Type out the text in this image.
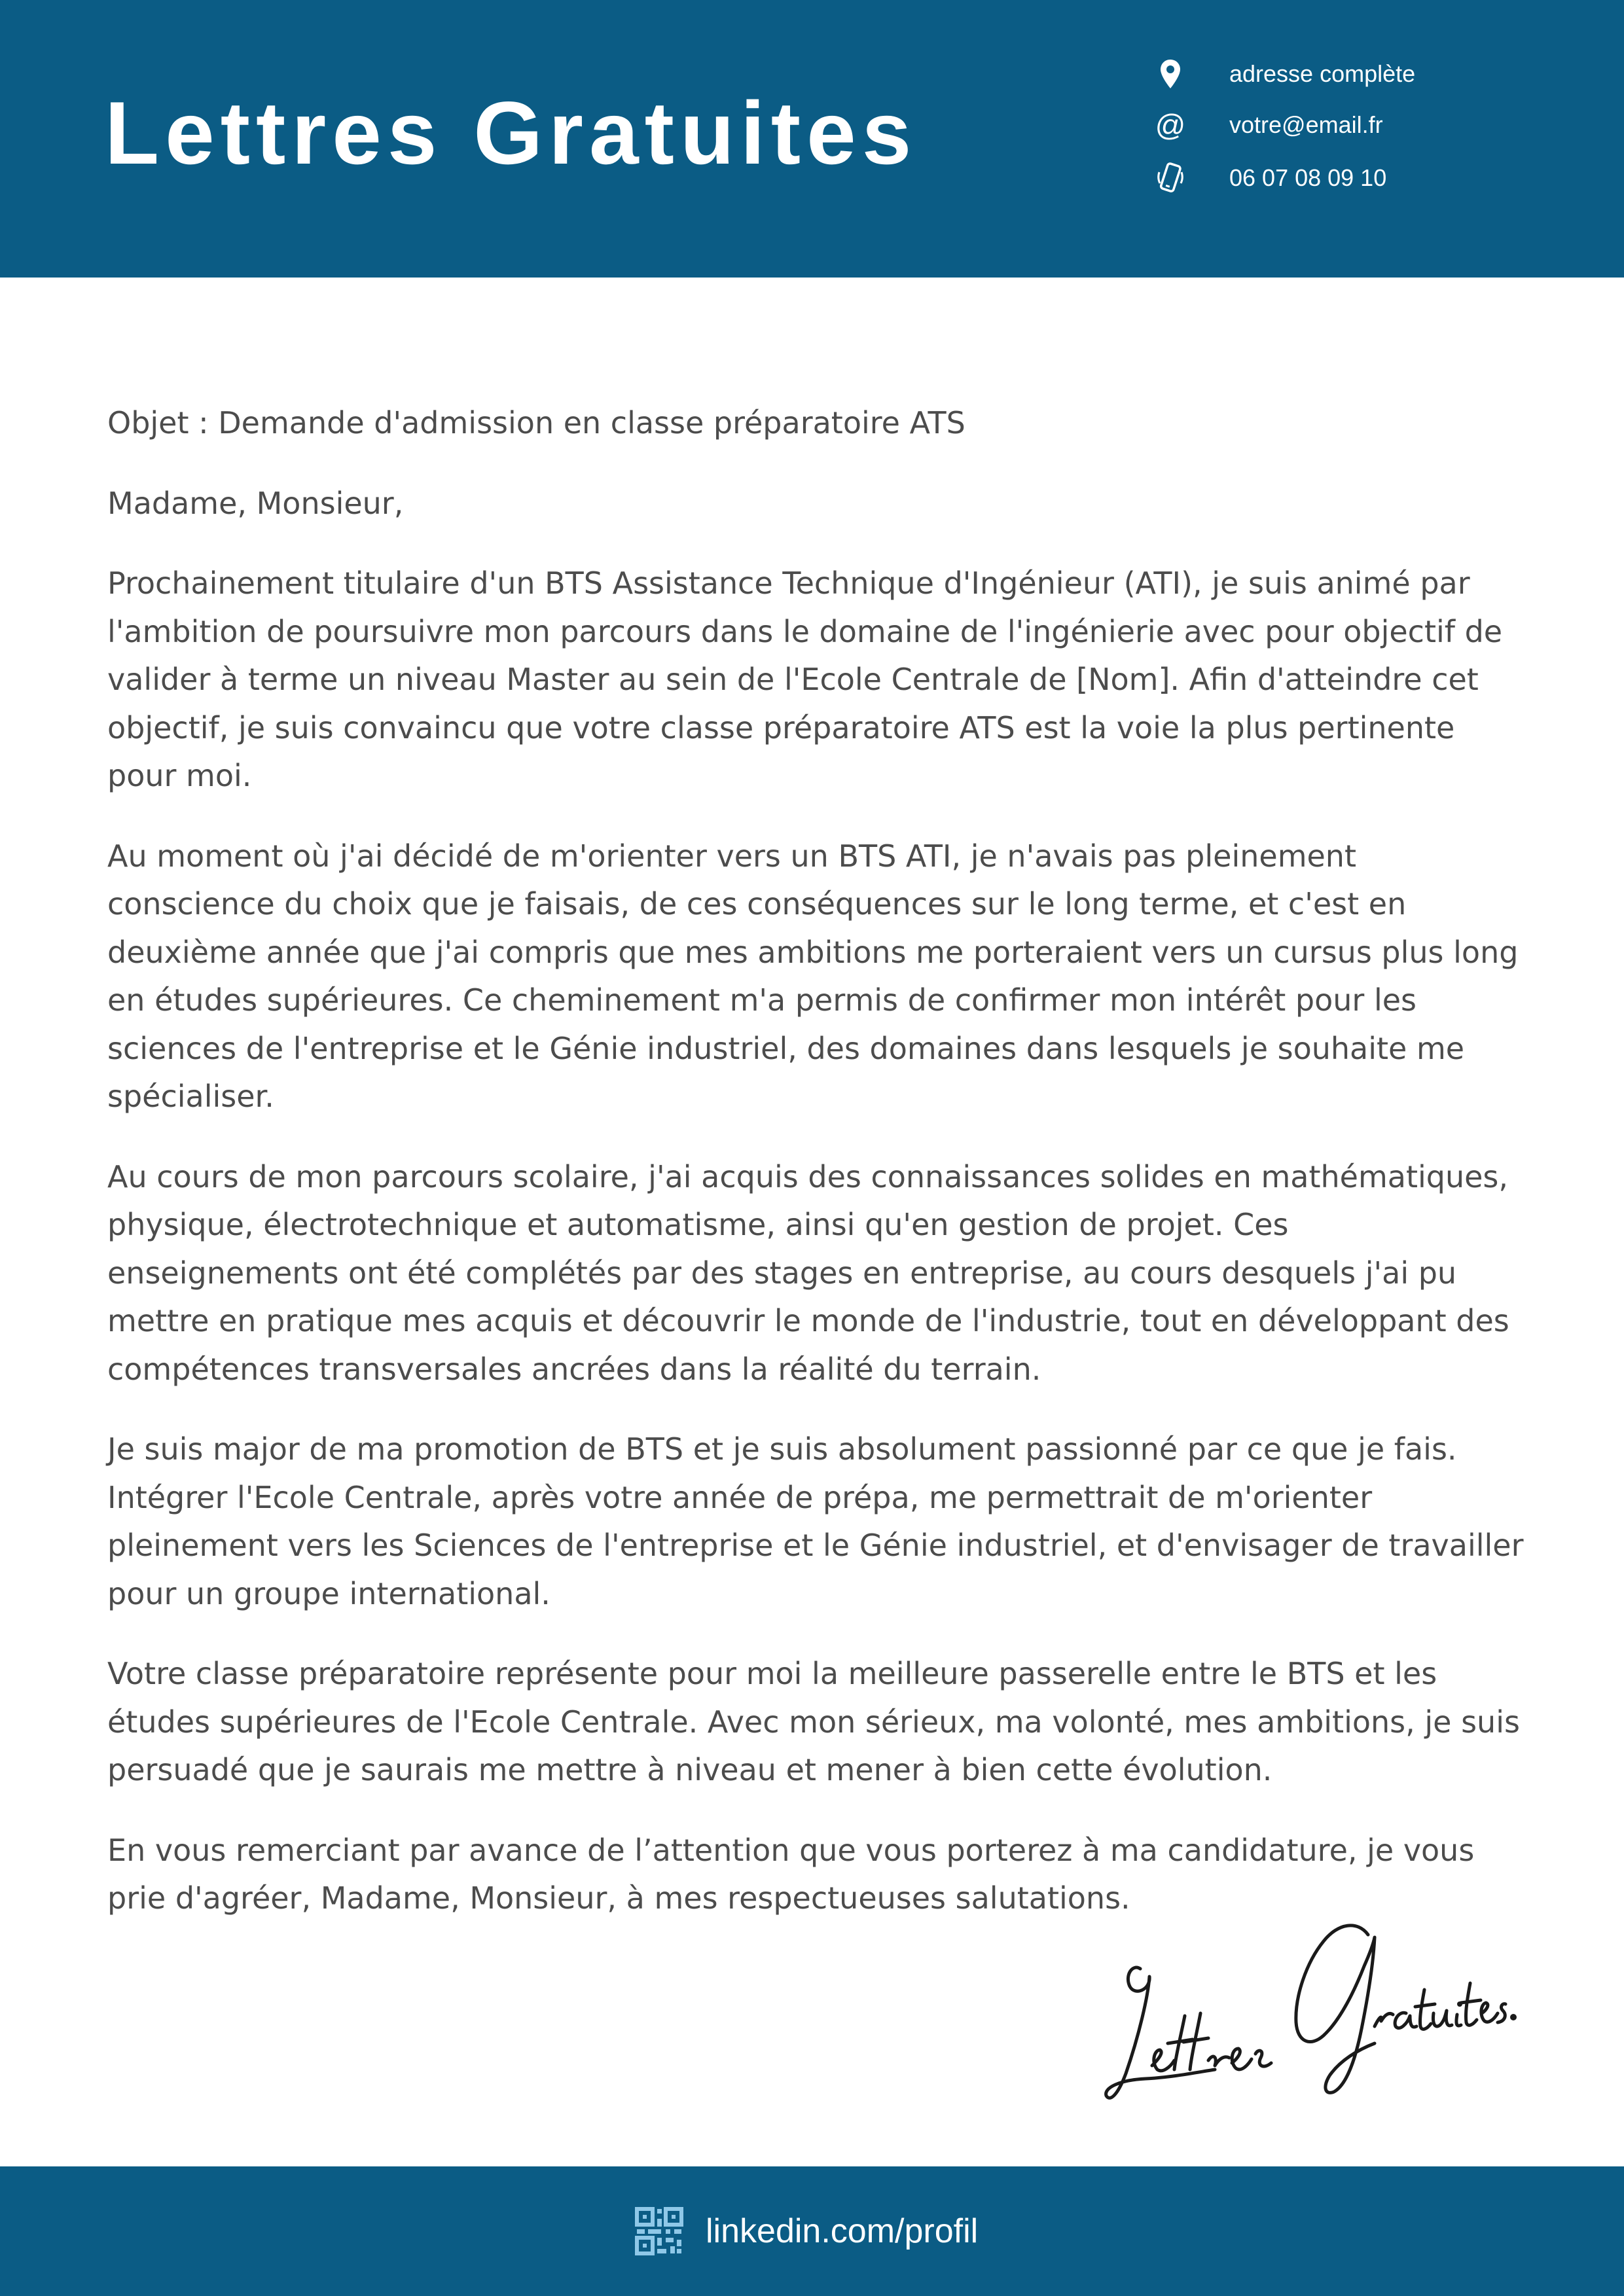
Lettres Gratuites
adresse complète
@ votre@email.fr
06 07 08 09 10

Objet : Demande d'admission en classe préparatoire ATS

Madame, Monsieur,

Prochainement titulaire d'un BTS Assistance Technique d'Ingénieur (ATI), je suis animé par l'ambition de poursuivre mon parcours dans le domaine de l'ingénierie avec pour objectif de valider à terme un niveau Master au sein de l'Ecole Centrale de [Nom]. Afin d'atteindre cet objectif, je suis convaincu que votre classe préparatoire ATS est la voie la plus pertinente pour moi.

Au moment où j'ai décidé de m'orienter vers un BTS ATI, je n'avais pas pleinement conscience du choix que je faisais, de ces conséquences sur le long terme, et c'est en deuxième année que j'ai compris que mes ambitions me porteraient vers un cursus plus long en études supérieures. Ce cheminement m'a permis de confirmer mon intérêt pour les sciences de l'entreprise et le Génie industriel, des domaines dans lesquels je souhaite me spécialiser.

Au cours de mon parcours scolaire, j'ai acquis des connaissances solides en mathématiques, physique, électrotechnique et automatisme, ainsi qu'en gestion de projet. Ces enseignements ont été complétés par des stages en entreprise, au cours desquels j'ai pu mettre en pratique mes acquis et découvrir le monde de l'industrie, tout en développant des compétences transversales ancrées dans la réalité du terrain.

Je suis major de ma promotion de BTS et je suis absolument passionné par ce que je fais. Intégrer l'Ecole Centrale, après votre année de prépa, me permettrait de m'orienter pleinement vers les Sciences de l'entreprise et le Génie industriel, et d'envisager de travailler pour un groupe international.

Votre classe préparatoire représente pour moi la meilleure passerelle entre le BTS et les études supérieures de l'Ecole Centrale. Avec mon sérieux, ma volonté, mes ambitions, je suis persuadé que je saurais me mettre à niveau et mener à bien cette évolution.

En vous remerciant par avance de l’attention que vous porterez à ma candidature, je vous prie d'agréer, Madame, Monsieur, à mes respectueuses salutations.

linkedin.com/profil
